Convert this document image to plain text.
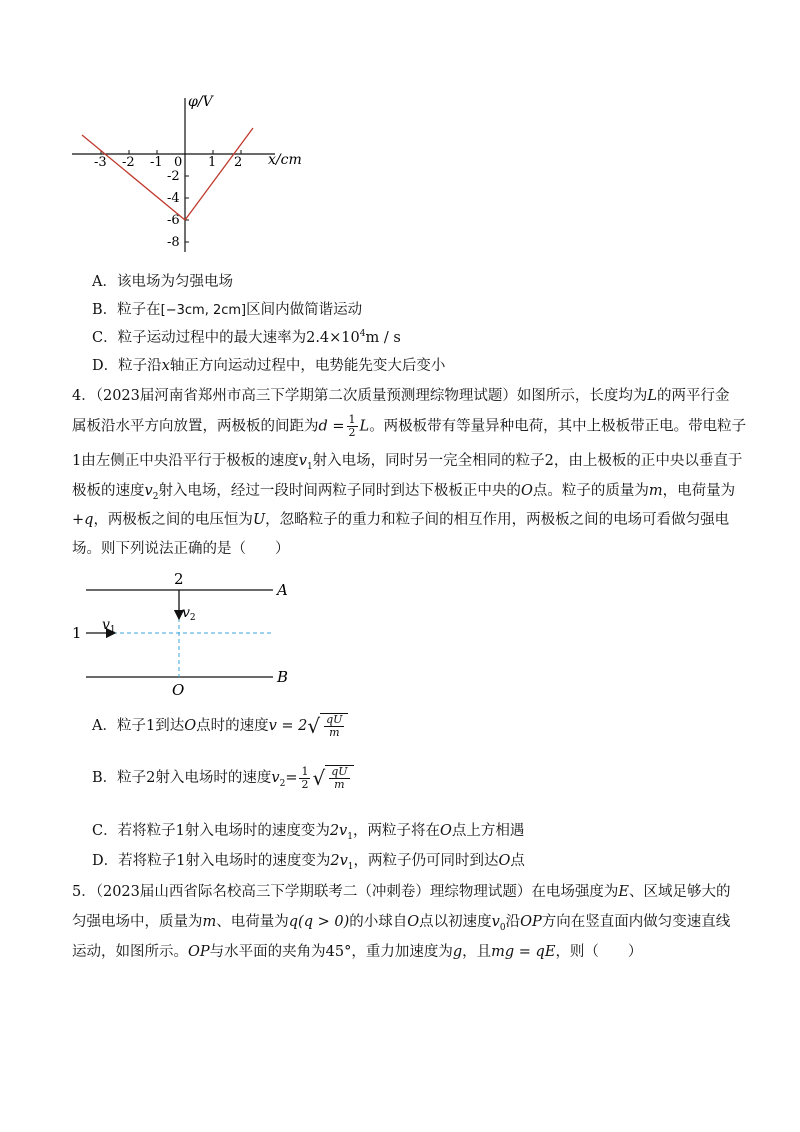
φ/V
x/cm
-3 -2 -1 0 1 2
-2
-4
-6
-8
A．该电场为匀强电场
B．粒子在[−3cm, 2cm]区间内做简谐运动
C．粒子运动过程中的最大速率为$2.4\times 10^4m / s$
D．粒子沿x轴正方向运动过程中，电势能先变大后变小
4．（2023届河南省郑州市高三下学期第二次质量预测理综物理试题）如图所示，长度均为L的两平行金
属板沿水平方向放置，两极板的间距为$d = \frac{1}{2}$ L。两极板带有等量异种电荷，其中上极板带正电。带电粒子
1由左侧正中央沿平行于极板的速度$v_1$射入电场，同时另一完全相同的粒子2，由上极板的正中央以垂直于
极板的速度$v_2$射入电场，经过一段时间两粒子同时到达下极板正中央的O点。粒子的质量为m，电荷量为
+q，两极板之间的电压恒为U，忽略粒子的重力和粒子间的相互作用，两极板之间的电场可看做匀强电
场。则下列说法正确的是（　　）
2
A
B
O
1 $v_1$
$v_2$
A．粒子1到达O点时的速度$v = 2√ \frac{qU}{m}$
B．粒子2射入电场时的速度$v_2= \frac{1}{2}$ √ $\frac{qU}{m}$
C．若将粒子1射入电场时的速度变为$2v_1$，两粒子将在O点上方相遇
D．若将粒子1射入电场时的速度变为$2v_1$，两粒子仍可同时到达O点
5．（2023届山西省际名校高三下学期联考二（冲刺卷）理综物理试题）在电场强度为E、区域足够大的
匀强电场中，质量为m、电荷量为q(q > 0)的小球自O点以初速度$v_0$沿OP方向在竖直面内做匀变速直线
运动，如图所示。OP与水平面的夹角为45°，重力加速度为g，且mg = qE，则（　　）
